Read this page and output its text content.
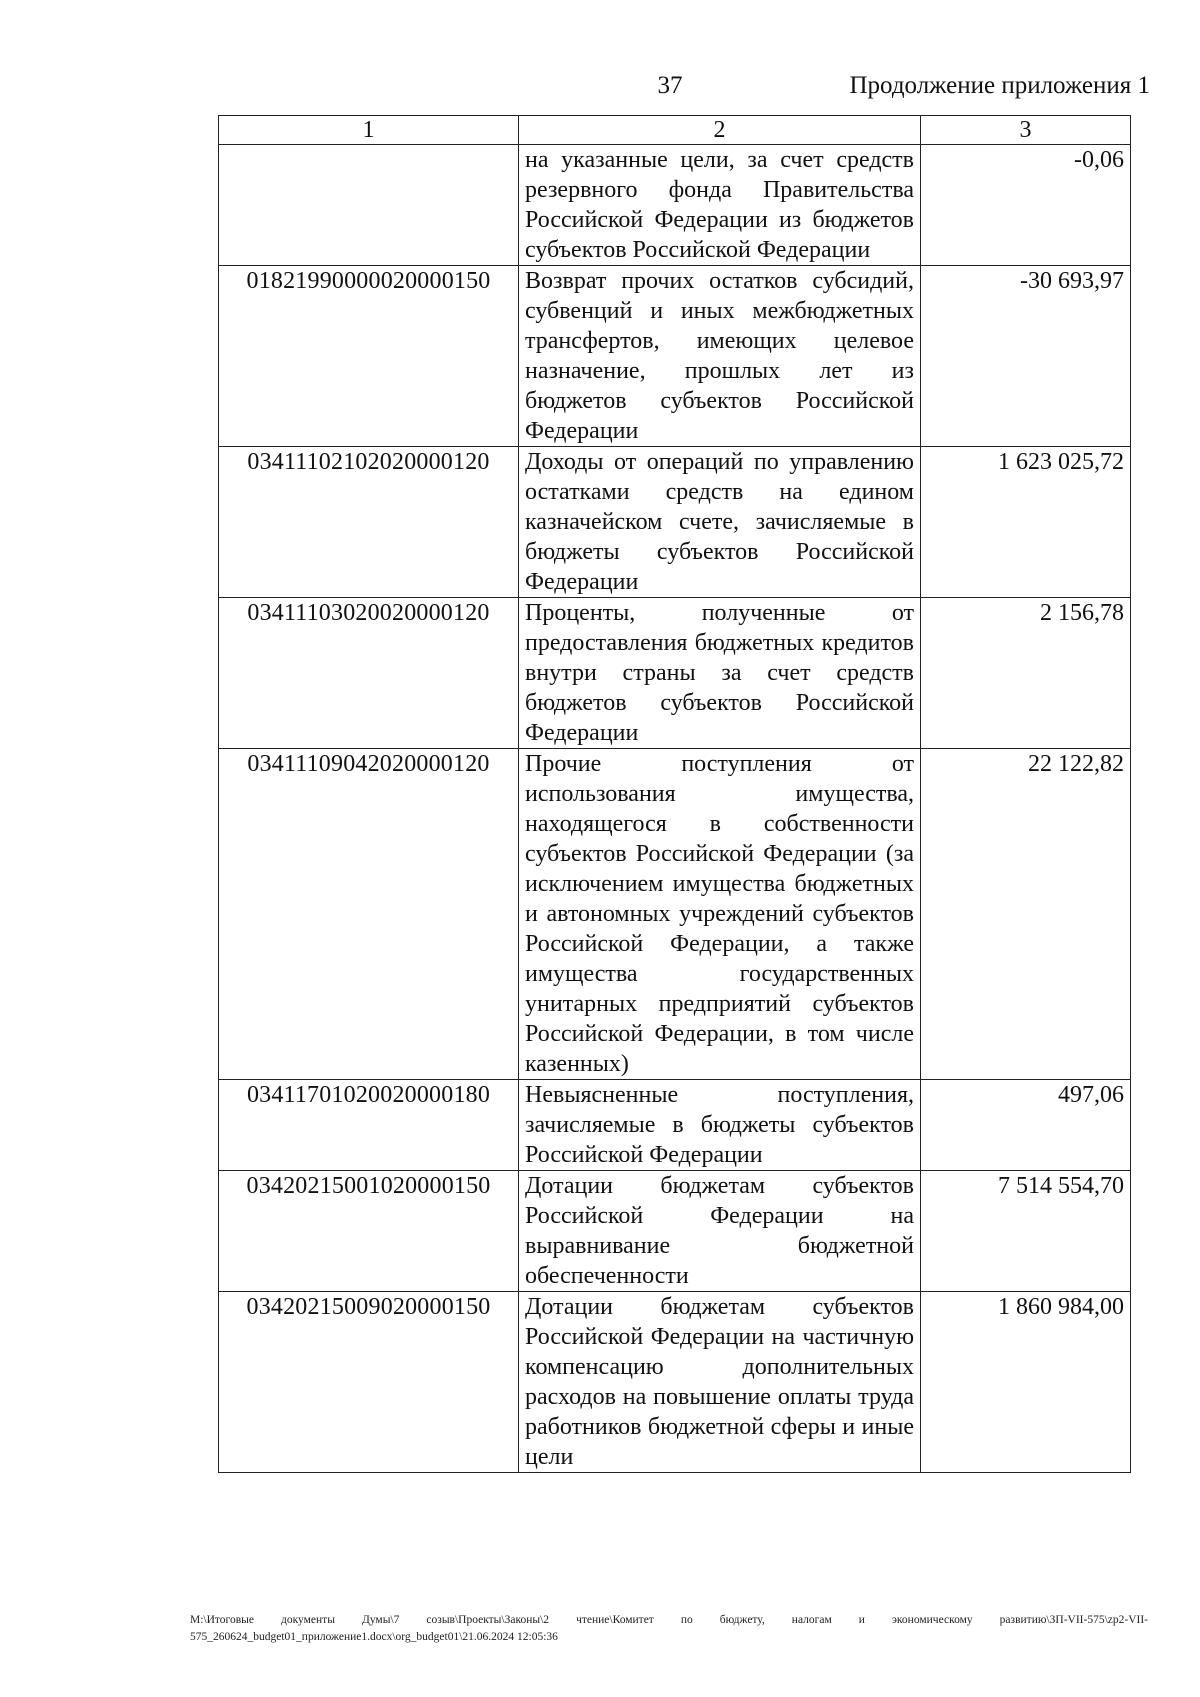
37	Продолжение приложения 1
1	2	3
	на указанные цели, за счет средств резервного фонда Правительства Российской Федерации из бюджетов субъектов Российской Федерации	-0,06
01821990000020000150	Возврат прочих остатков субсидий, субвенций и иных межбюджетных трансфертов, имеющих целевое назначение, прошлых лет из бюджетов субъектов Российской Федерации	-30 693,97
03411102102020000120	Доходы от операций по управлению остатками средств на едином казначейском счете, зачисляемые в бюджеты субъектов Российской Федерации	1 623 025,72
03411103020020000120	Проценты, полученные от предоставления бюджетных кредитов внутри страны за счет средств бюджетов субъектов Российской Федерации	2 156,78
03411109042020000120	Прочие поступления от использования имущества, находящегося в собственности субъектов Российской Федерации (за исключением имущества бюджетных и автономных учреждений субъектов Российской Федерации, а также имущества государственных унитарных предприятий субъектов Российской Федерации, в том числе казенных)	22 122,82
03411701020020000180	Невыясненные поступления, зачисляемые в бюджеты субъектов Российской Федерации	497,06
03420215001020000150	Дотации бюджетам субъектов Российской Федерации на выравнивание бюджетной обеспеченности	7 514 554,70
03420215009020000150	Дотации бюджетам субъектов Российской Федерации на частичную компенсацию дополнительных расходов на повышение оплаты труда работников бюджетной сферы и иные цели	1 860 984,00
M:\Итоговые документы Думы\7 созыв\Проекты\Законы\2 чтение\Комитет по бюджету, налогам и экономическому развитию\ЗП-VII-575\zp2-VII-575_260624_budget01_приложение1.docx\org_budget01\21.06.2024 12:05:36
